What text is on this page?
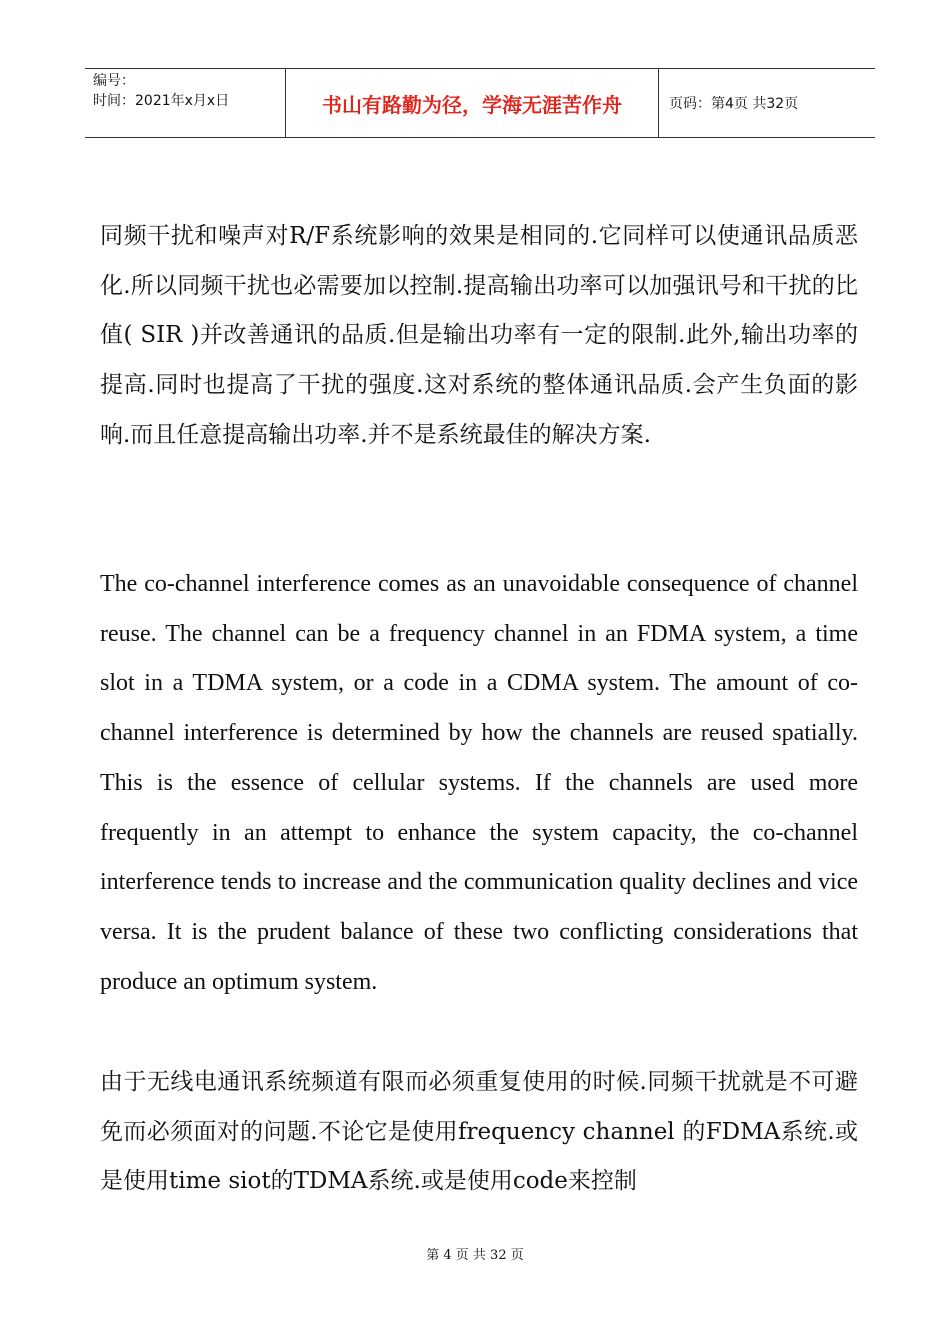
编号：
时间：2021年x月x日	书山有路勤为径，学海无涯苦作舟	页码：第4页 共32页
同频干扰和噪声对R/F系统影响的效果是相同的.它同样可以使通讯品质恶化.所以同频干扰也必需要加以控制.提高输出功率可以加强讯号和干扰的比值( SIR )并改善通讯的品质.但是输出功率有一定的限制.此外,输出功率的提高.同时也提高了干扰的强度.这对系统的整体通讯品质.会产生负面的影响.而且任意提高输出功率.并不是系统最佳的解决方案.
The co-channel interference comes as an unavoidable consequence of channel reuse. The channel can be a frequency channel in an FDMA system, a time slot in a TDMA system, or a code in a CDMA system. The amount of co-channel interference is determined by how the channels are reused spatially. This is the essence of cellular systems. If the channels are used more frequently in an attempt to enhance the system capacity, the co-channel interference tends to increase and the communication quality declines and vice versa. It is the prudent balance of these two conflicting considerations that produce an optimum system.
由于无线电通讯系统频道有限而必须重复使用的时候.同频干扰就是不可避免而必须面对的问题.不论它是使用frequency channel 的FDMA系统.或是使用time siot的TDMA系统.或是使用code来控制
第 4 页 共 32 页
